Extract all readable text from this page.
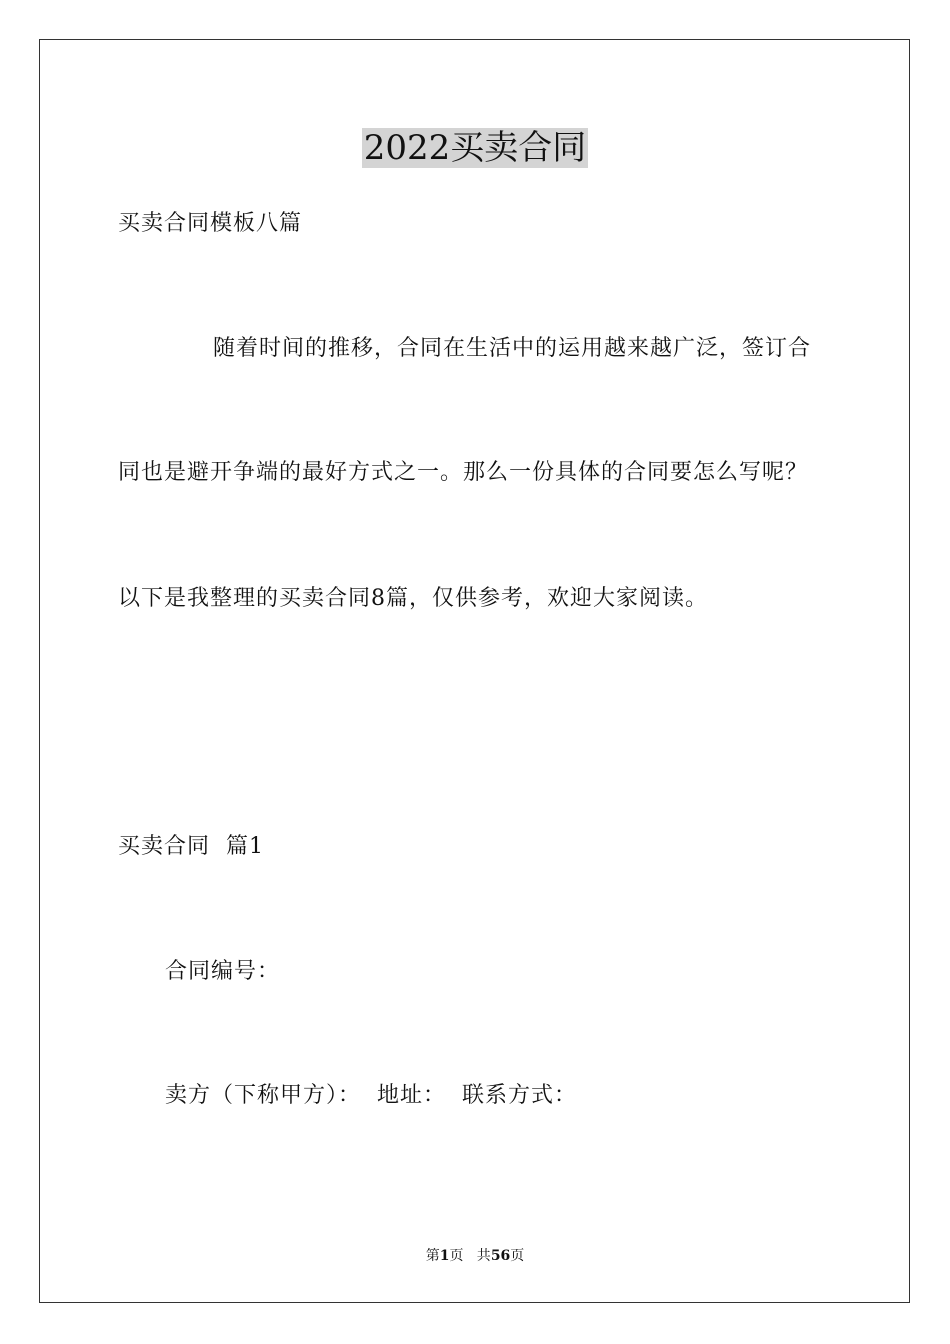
2022买卖合同
买卖合同模板八篇
随着时间的推移，合同在生活中的运用越来越广泛，签订合
同也是避开争端的最好方式之一。那么一份具体的合同要怎么写呢？
以下是我整理的买卖合同8篇，仅供参考，欢迎大家阅读。
买卖合同  篇1
合同编号：
卖方（下称甲方）：  地址：  联系方式：
第1页   共56页
